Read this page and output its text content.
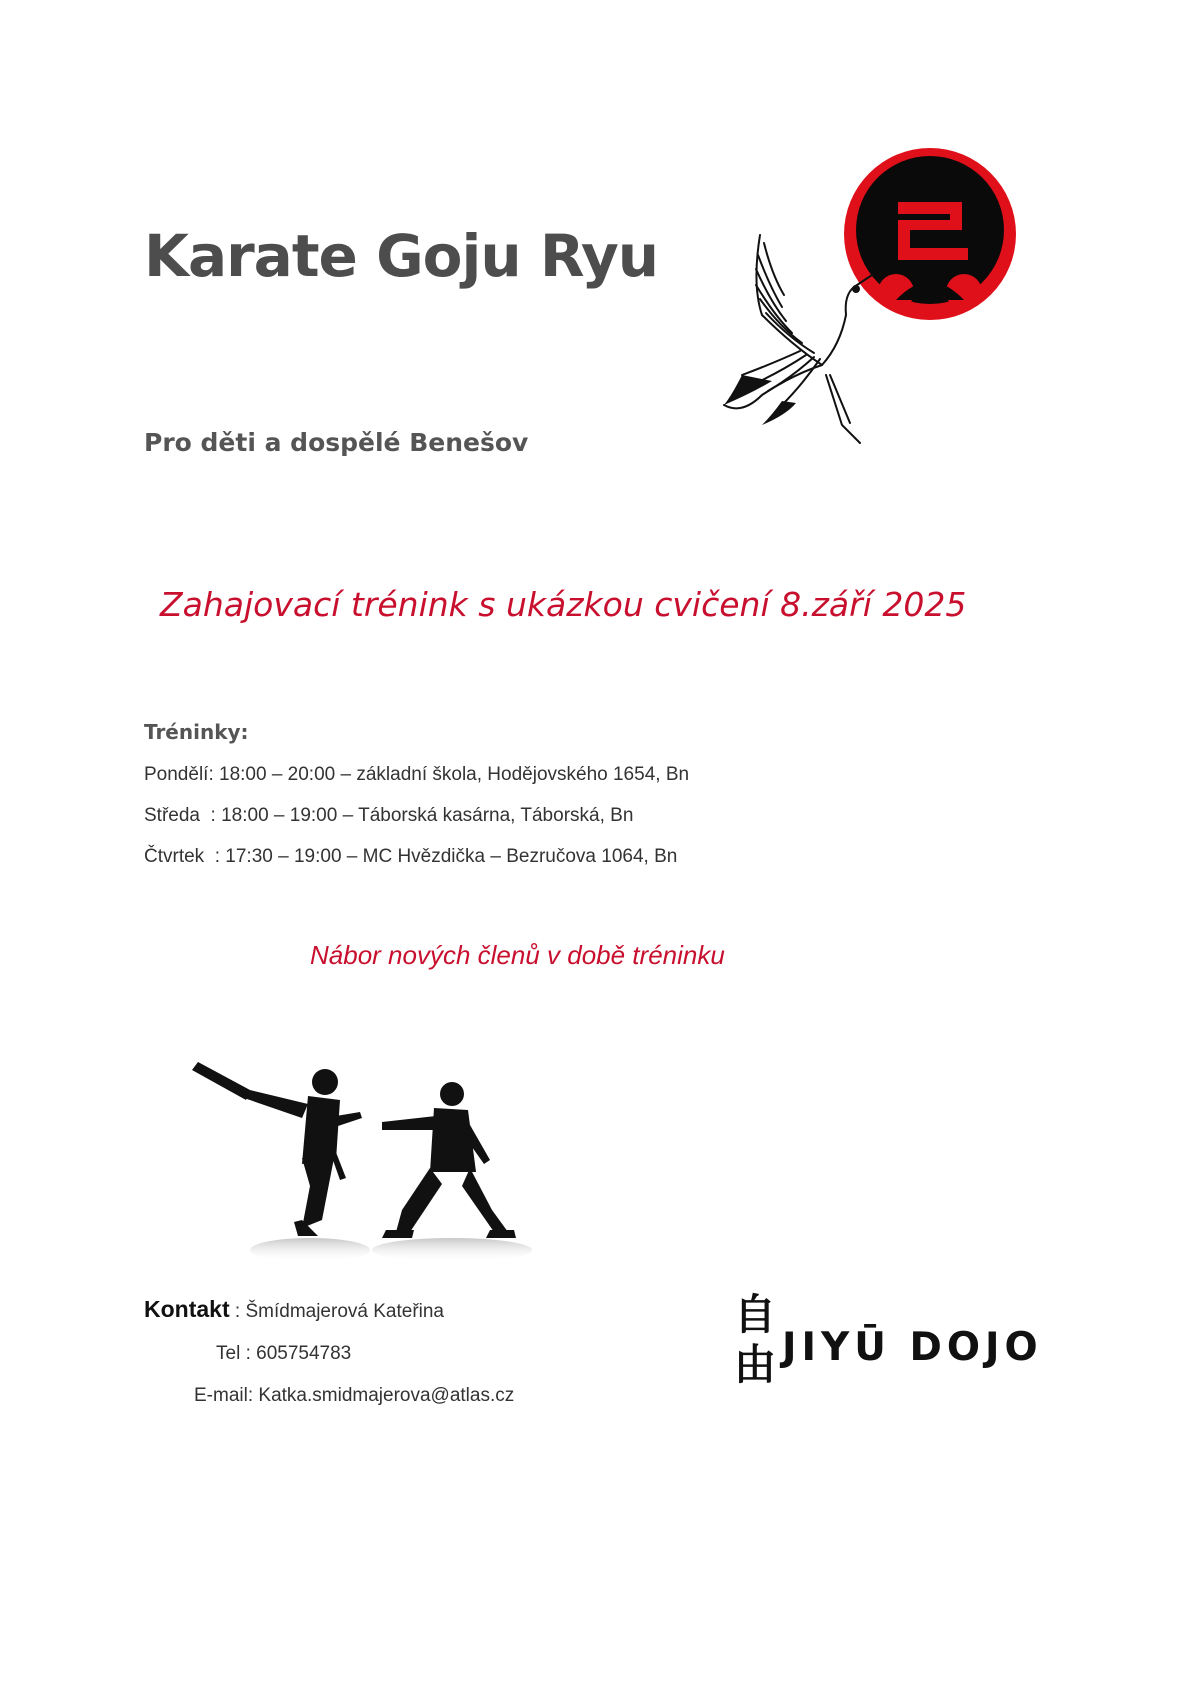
Karate Goju Ryu
Pro děti a dospělé Benešov
Zahajovací trénink s ukázkou cvičení 8.září 2025
Tréninky:
Pondělí: 18:00 – 20:00 – základní škola, Hodějovského 1654, Bn
Středa  : 18:00 – 19:00 – Táborská kasárna, Táborská, Bn
Čtvrtek  : 17:30 – 19:00 – MC Hvězdička – Bezručova 1064, Bn
Nábor nových členů v době tréninku
Kontakt : Šmídmajerová Kateřina
Tel : 605754783
E-mail: Katka.smidmajerova@atlas.cz
自
由 JIYŪ DOJO
